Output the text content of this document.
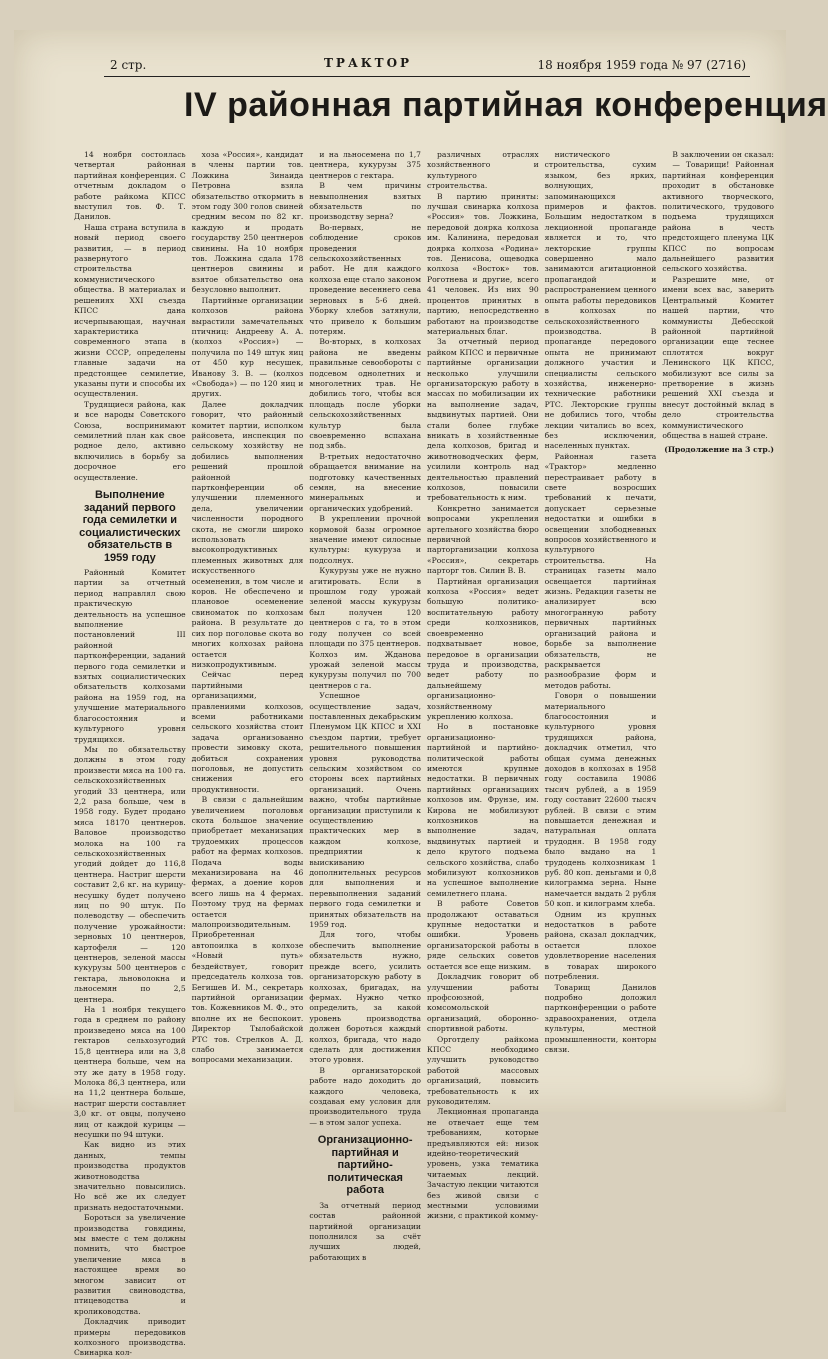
2 стр.	ТРАКТОР	18 ноября 1959 года № 97 (2716)
IV районная партийная конференция

14 ноября состоялась четвертая районная партийная конференция. С отчетным докладом о работе райкома КПСС выступил тов. Ф. Т. Данилов.

Наша страна вступила в новый период своего развития, — в период развернутого строительства коммунистического общества. В материалах и решениях XXI съезда КПСС дана исчерпывающая, научная характеристика современного этапа в жизни СССР, определены главные задачи на предстоящее семилетие, указаны пути и способы их осуществления.

Трудящиеся района, как и все народы Советского Союза, воспринимают семилетний план как свое родное дело, активно включились в борьбу за досрочное его осуществление.

Выполнение заданий первого года семилетки и социалистических обязательств в 1959 году

Районный Комитет партии за отчетный период направлял свою практическую деятельность на успешное выполнение постановлений III районной партконференции, заданий первого года семилетки и взятых социалистических обязательств колхозами района на 1959 год, на улучшение материального благосостояния и культурного уровня трудящихся.

Мы по обязательству должны в этом году произвести мяса на 100 га. сельскохозяйственных угодий 33 центнера, или 2,2 раза больше, чем в 1958 году. Будет продано мяса 18170 центнеров. Валовое производство молока на 100 га сельскохозяйственных угодий дойдет до 116,8 центнера. Настриг шерсти составит 2,6 кг. на курицу-несушку будет получено яиц по 90 штук. По полеводству — обеспечить получение урожайности: зерновых 10 центнеров, картофеля — 120 центнеров, зеленой массы кукурузы 500 центнеров с гектара, льноволокна и льносемян по 2,5 центнера.

На 1 ноября текущего года в среднем по району произведено мяса на 100 гектаров сельхозугодий 15,8 центнера или на 3,8 центнера больше, чем на эту же дату в 1958 году. Молока 86,3 центнера, или на 11,2 центнера больше, настриг шерсти составляет 3,0 кг. от овцы, получено яиц от каждой курицы — несушки по 94 штуки.

Как видно из этих данных, темпы производства продуктов животноводства значительно повысились. Но всё же их следует признать недостаточными.

Бороться за увеличение производства говядины, мы вместе с тем должны помнить, что быстрое увеличение мяса в настоящее время во многом зависит от развития свиноводства, птицеводства и кролиководства.

Докладчик приводит примеры передовиков колхозного производства. Свинарка кол-

хоза «Россия», кандидат в члены партии тов. Ложкина Зинаида Петровна взяла обязательство откормить в этом году 300 голов свиней средним весом по 82 кг. каждую и продать государству 250 центнеров свинины. На 10 ноября тов. Ложкина сдала 178 центнеров свинины и взятое обязательство она безусловно выполнит.

Партийные организации колхозов района вырастили замечательных птичниц: Андрееву А. А. (колхоз «Россия») — получила по 149 штук яиц от 450 кур несушек, Иванову З. В. — (колхоз «Свобода») — по 120 яиц и других.

Далее докладчик говорит, что районный комитет партии, исполком райсовета, инспекция по сельскому хозяйству не добились выполнения решений прошлой районной партконференции об улучшении племенного дела, увеличении численности породного скота, не смогли широко использовать высокопродуктивных племенных животных для искусственного осеменения, в том числе и коров. Не обеспечено и плановое осеменение свиноматок по колхозам района. В результате до сих пор поголовье скота во многих колхозах района остается низкопродуктивным.

Сейчас перед партийными организациями, правлениями колхозов, всеми работниками сельского хозяйства стоит задача организованно провести зимовку скота, добиться сохранения поголовья, не допустить снижения его продуктивности.

В связи с дальнейшим увеличением поголовья скота большое значение приобретает механизация трудоемких процессов работ на фермах колхозов. Подача воды механизирована на 46 фермах, а доение коров всего лишь на 4 фермах. Поэтому труд на фермах остается малопроизводительным. Приобретенная автопоилка в колхозе «Новый путь» бездействует, говорит председатель колхоза тов. Бегишев И. М., секретарь партийной организации тов. Кожевников М. Ф., это вполне их не беспокоит. Директор Тылобайской РТС тов. Стрелков А. Д. слабо занимается вопросами механизации.

и на льносемена по 1,7 центнера, кукурузы 375 центнеров с гектара.

В чем причины невыполнения взятых обязательств по производству зерна?

Во-первых, не соблюдение сроков проведения сельскохозяйственных работ. Не для каждого колхоза еще стало законом проведение весеннего сева зерновых в 5-6 дней. Уборку хлебов затянули, что привело к большим потерям.

Во-вторых, в колхозах района не введены правильные севообороты с подсевом однолетних и многолетних трав. Не добились того, чтобы вся площадь после уборки сельскохозяйственных культур была своевременно вспахана под зябь.

В-третьих недостаточно обращается внимание на подготовку качественных семян, на внесение минеральных и органических удобрений.

В укреплении прочной кормовой базы огромное значение имеют силосные культуры: кукуруза и подсолнух.

Кукурузы уже не нужно агитировать. Если в прошлом году урожай зеленой массы кукурузы был получен 120 центнеров с га, то в этом году получен со всей площади по 375 центнеров. Колхоз им. Жданова урожай зеленой массы кукурузы получил по 700 центнеров с га.

Успешное осуществление задач, поставленных декабрьским Пленумом ЦК КПСС и XXI съездом партии, требует решительного повышения уровня руководства сельским хозяйством со стороны всех партийных организаций. Очень важно, чтобы партийные организации приступили к осуществлению практических мер в каждом колхозе, предприятии к выискиванию дополнительных ресурсов для выполнения и перевыполнения заданий первого года семилетки и принятых обязательств на 1959 год.

Для того, чтобы обеспечить выполнение обязательств нужно, прежде всего, усилить организаторскую работу в колхозах, бригадах, на фермах. Нужно четко определить, за какой уровень производства должен бороться каждый колхоз, бригада, что надо сделать для достижения этого уровня.

В организаторской работе надо доходить до каждого человека, создавая ему условия для производительного труда — в этом залог успеха.

Организационно-партийная и партийно-политическая работа

За отчетный период состав районной партийной организации пополнился за счёт лучших людей, работающих в

различных отраслях хозяйственного и культурного строительства.

В партию приняты: лучшая свинарка колхоза «Россия» тов. Ложкина, передовой доярка колхоза им. Калинина, передовая доярка колхоза «Родина» тов. Денисова, ощеводка колхоза «Восток» тов. Роготнева и другие, всего 41 человек. Из них 90 процентов принятых в партию, непосредственно работают на производстве материальных благ.

За отчетный период райком КПСС и первичные партийные организации несколько улучшили организаторскую работу в массах по мобилизации их на выполнение задач, выдвинутых партией. Они стали более глубже вникать в хозяйственные дела колхозов, бригад и животноводческих ферм, усилили контроль над деятельностью правлений колхозов, повысили требовательность к ним.

Конкретно занимается вопросами укрепления артельного хозяйства бюро первичной парторганизации колхоза «Россия», секретарь парторг тов. Силин В. В.

Партийная организация колхоза «Россия» ведет большую политико-воспитательную работу среди колхозников, своевременно подхватывает новое, передовое в организации труда и производства, ведет работу по дальнейшему организационно-хозяйственному укреплению колхоза.

Но в постановке организационно-партийной и партийно-политической работы имеются крупные недостатки. В первичных партийных организациях колхозов им. Фрунзе, им. Кирова не мобилизуют колхозников на выполнение задач, выдвинутых партией и дело крутого подъема сельского хозяйства, слабо мобилизуют колхозников на успешное выполнение семилетнего плана.

В работе Советов продолжают оставаться крупные недостатки и ошибки. Уровень организаторской работы в ряде сельских советов остается все еще низким.

Докладчик говорит об улучшении работы профсоюзной, комсомольской организаций, оборонно-спортивной работы.

Орготделу райкома КПСС необходимо улучшить руководство работой массовых организаций, повысить требовательность к их руководителям.

Лекционная пропаганда не отвечает еще тем требованиям, которые предъявляются ей: низок идейно-теоретический уровень, узка тематика читаемых лекций. Зачастую лекции читаются без живой связи с местными условиями жизни, с практикой комму-

нистического строительства, сухим языком, без ярких, волнующих, запоминающихся примеров и фактов. Большим недостатком в лекционной пропаганде является и то, что лекторские группы совершенно мало занимаются агитационной пропагандой и распространением ценного опыта работы передовиков в колхозах по сельскохозяйственного производства. В пропаганде передового опыта не принимают должного участия и специалисты сельского хозяйства, инженерно-технические работники РТС. Лекторские группы не добились того, чтобы лекции читались во всех, без исключения, населенных пунктах.

Районная газета «Трактор» медленно перестраивает работу в свете возросших требований к печати, допускает серьезные недостатки и ошибки в освещении злободневных вопросов хозяйственного и культурного строительства. На страницах газеты мало освещается партийная жизнь. Редакция газеты не анализирует всю многогранную работу первичных партийных организаций района и борьбе за выполнение обязательств, не раскрывается разнообразие форм и методов работы.

Говоря о повышении материального благосостояния и культурного уровня трудящихся района, докладчик отметил, что общая сумма денежных доходов в колхозах в 1958 году составила 19086 тысяч рублей, а в 1959 году составит 22600 тысяч рублей. В связи с этим повышается денежная и натуральная оплата трудодня. В 1958 году было выдано на 1 трудодень колхозникам 1 руб. 80 коп. деньгами и 0,8 килограмма зерна. Ныне намечается выдать 2 рубля 50 коп. и килограмм хлеба.

Одним из крупных недостатков в работе района, сказал докладчик, остается плохое удовлетворение населения в товарах широкого потребления.

Товарищ Данилов подробно доложил партконференции о работе здравоохранения, отдела культуры, местной промышленности, конторы связи.

В заключении он сказал:

— Товарищи! Районная партийная конференция проходит в обстановке активного творческого, политического, трудового подъема трудящихся района в честь предстоящего пленума ЦК КПСС по вопросам дальнейшего развития сельского хозяйства.

Разрешите мне, от имени всех вас, заверить Центральный Комитет нашей партии, что коммунисты Дебесской районной партийной организации еще теснее сплотятся вокруг Ленинского ЦК КПСС, мобилизуют все силы за претворение в жизнь решений XXI съезда и внесут достойный вклад в дело строительства коммунистического общества в нашей стране.

(Продолжение на 3 стр.)
